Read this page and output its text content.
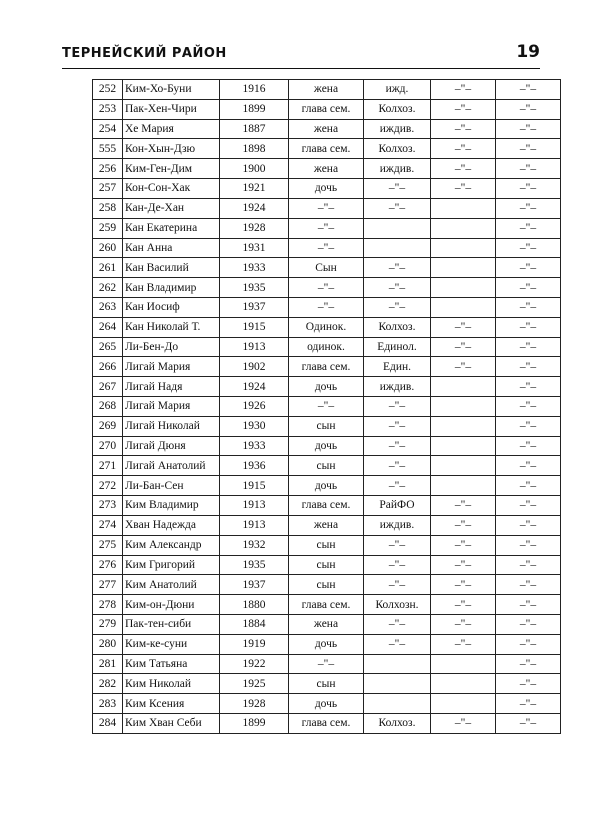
ТЕРНЕЙСКИЙ РАЙОН	19
252	Ким-Хо-Буни	1916	жена	ижд.	–"–	–"–
253	Пак-Хен-Чири	1899	глава сем.	Колхоз.	–"–	–"–
254	Хе Мария	1887	жена	иждив.	–"–	–"–
555	Кон-Хын-Дзю	1898	глава сем.	Колхоз.	–"–	–"–
256	Ким-Ген-Дим	1900	жена	иждив.	–"–	–"–
257	Кон-Сон-Хак	1921	дочь	–"–	–"–	–"–
258	Кан-Де-Хан	1924	–"–	–"–		–"–
259	Кан Екатерина	1928	–"–			–"–
260	Кан Анна	1931	–"–			–"–
261	Кан Василий	1933	Сын	–"–		–"–
262	Кан Владимир	1935	–"–	–"–		–"–
263	Кан Иосиф	1937	–"–	–"–		–"–
264	Кан Николай Т.	1915	Одинок.	Колхоз.	–"–	–"–
265	Ли-Бен-До	1913	одинок.	Единол.	–"–	–"–
266	Лигай Мария	1902	глава сем.	Един.	–"–	–"–
267	Лигай Надя	1924	дочь	иждив.		–"–
268	Лигай Мария	1926	–"–	–"–		–"–
269	Лигай Николай	1930	сын	–"–		–"–
270	Лигай Дюня	1933	дочь	–"–		–"–
271	Лигай Анатолий	1936	сын	–"–		–"–
272	Ли-Бан-Сен	1915	дочь	–"–		–"–
273	Ким Владимир	1913	глава сем.	РайФО	–"–	–"–
274	Хван Надежда	1913	жена	иждив.	–"–	–"–
275	Ким Александр	1932	сын	–"–	–"–	–"–
276	Ким Григорий	1935	сын	–"–	–"–	–"–
277	Ким Анатолий	1937	сын	–"–	–"–	–"–
278	Ким-он-Дюни	1880	глава сем.	Колхозн.	–"–	–"–
279	Пак-тен-сиби	1884	жена	–"–	–"–	–"–
280	Ким-ке-суни	1919	дочь	–"–	–"–	–"–
281	Ким Татьяна	1922	–"–			–"–
282	Ким Николай	1925	сын			–"–
283	Ким Ксения	1928	дочь			–"–
284	Ким Хван Себи	1899	глава сем.	Колхоз.	–"–	–"–
